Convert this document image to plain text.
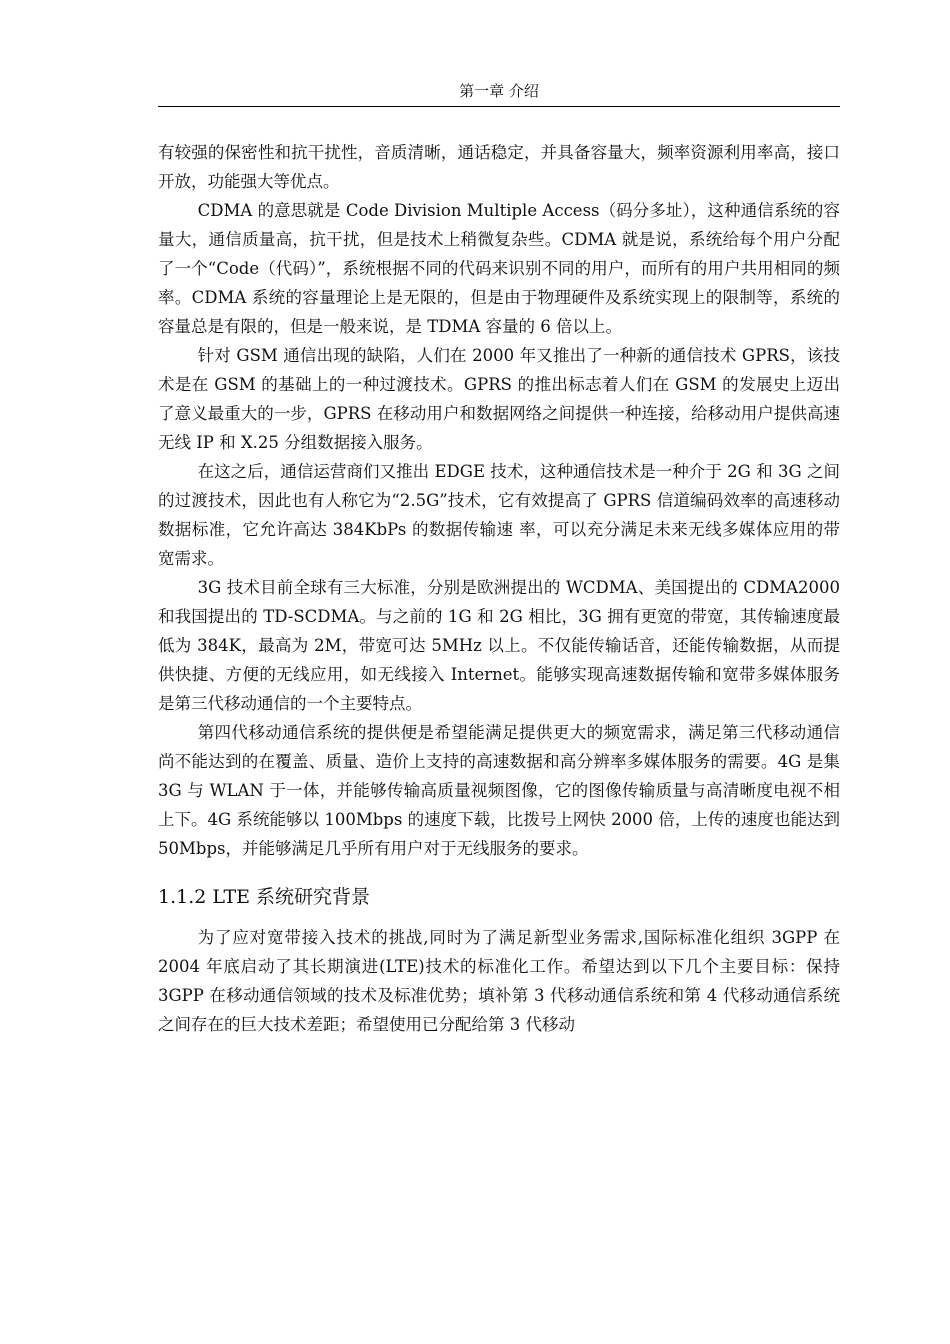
第一章 介绍

有较强的保密性和抗干扰性，音质清晰，通话稳定，并具备容量大，频率资源利用率高，接口开放，功能强大等优点。

CDMA 的意思就是 Code Division Multiple Access（码分多址），这种通信系统的容量大，通信质量高，抗干扰，但是技术上稍微复杂些。CDMA 就是说，系统给每个用户分配了一个“Code（代码）”，系统根据不同的代码来识别不同的用户，而所有的用户共用相同的频率。CDMA 系统的容量理论上是无限的，但是由于物理硬件及系统实现上的限制等，系统的容量总是有限的，但是一般来说，是 TDMA 容量的 6 倍以上。

针对 GSM 通信出现的缺陷，人们在 2000 年又推出了一种新的通信技术 GPRS，该技术是在 GSM 的基础上的一种过渡技术。GPRS 的推出标志着人们在 GSM 的发展史上迈出了意义最重大的一步，GPRS 在移动用户和数据网络之间提供一种连接，给移动用户提供高速无线 IP 和 X.25 分组数据接入服务。

在这之后，通信运营商们又推出 EDGE 技术，这种通信技术是一种介于 2G 和 3G 之间的过渡技术，因此也有人称它为“2.5G”技术，它有效提高了 GPRS 信道编码效率的高速移动数据标准，它允许高达 384KbPs 的数据传输速 率，可以充分满足未来无线多媒体应用的带宽需求。

3G 技术目前全球有三大标准，分别是欧洲提出的 WCDMA、美国提出的 CDMA2000 和我国提出的 TD-SCDMA。与之前的 1G 和 2G 相比，3G 拥有更宽的带宽，其传输速度最低为 384K，最高为 2M，带宽可达 5MHz 以上。不仅能传输话音，还能传输数据，从而提供快捷、方便的无线应用，如无线接入 Internet。能够实现高速数据传输和宽带多媒体服务是第三代移动通信的一个主要特点。

第四代移动通信系统的提供便是希望能满足提供更大的频宽需求，满足第三代移动通信尚不能达到的在覆盖、质量、造价上支持的高速数据和高分辨率多媒体服务的需要。4G 是集 3G 与 WLAN 于一体，并能够传输高质量视频图像，它的图像传输质量与高清晰度电视不相上下。4G 系统能够以 100Mbps 的速度下载，比拨号上网快 2000 倍，上传的速度也能达到 50Mbps，并能够满足几乎所有用户对于无线服务的要求。

1.1.2 LTE 系统研究背景

为了应对宽带接入技术的挑战,同时为了满足新型业务需求,国际标准化组织 3GPP 在 2004 年底启动了其长期演进(LTE)技术的标准化工作。希望达到以下几个主要目标：保持 3GPP 在移动通信领域的技术及标准优势；填补第 3 代移动通信系统和第 4 代移动通信系统之间存在的巨大技术差距；希望使用已分配给第 3 代移动
